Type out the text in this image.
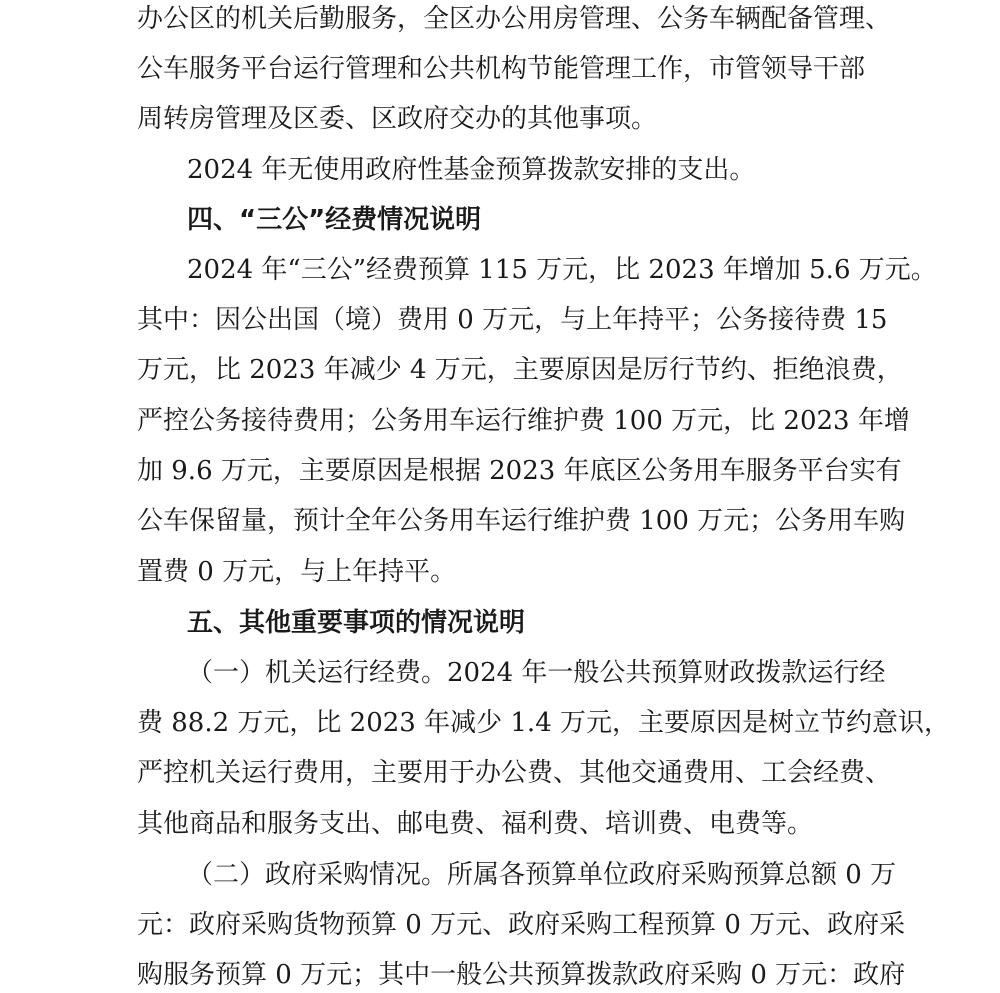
办公区的机关后勤服务，全区办公用房管理、公务车辆配备管理、

公车服务平台运行管理和公共机构节能管理工作，市管领导干部

周转房管理及区委、区政府交办的其他事项。

2024 年无使用政府性基金预算拨款安排的支出。

四、“三公”经费情况说明

2024 年“三公”经费预算 115 万元，比 2023 年增加 5.6 万元。

其中：因公出国（境）费用 0 万元，与上年持平；公务接待费 15

万元，比 2023 年减少 4 万元，主要原因是厉行节约、拒绝浪费，

严控公务接待费用；公务用车运行维护费 100 万元，比 2023 年增

加 9.6 万元，主要原因是根据 2023 年底区公务用车服务平台实有

公车保留量，预计全年公务用车运行维护费 100 万元；公务用车购

置费 0 万元，与上年持平。

五、其他重要事项的情况说明

（一）机关运行经费。2024 年一般公共预算财政拨款运行经

费 88.2 万元，比 2023 年减少 1.4 万元，主要原因是树立节约意识，

严控机关运行费用，主要用于办公费、其他交通费用、工会经费、

其他商品和服务支出、邮电费、福利费、培训费、电费等。

（二）政府采购情况。所属各预算单位政府采购预算总额 0 万

元：政府采购货物预算 0 万元、政府采购工程预算 0 万元、政府采

购服务预算 0 万元；其中一般公共预算拨款政府采购 0 万元：政府
